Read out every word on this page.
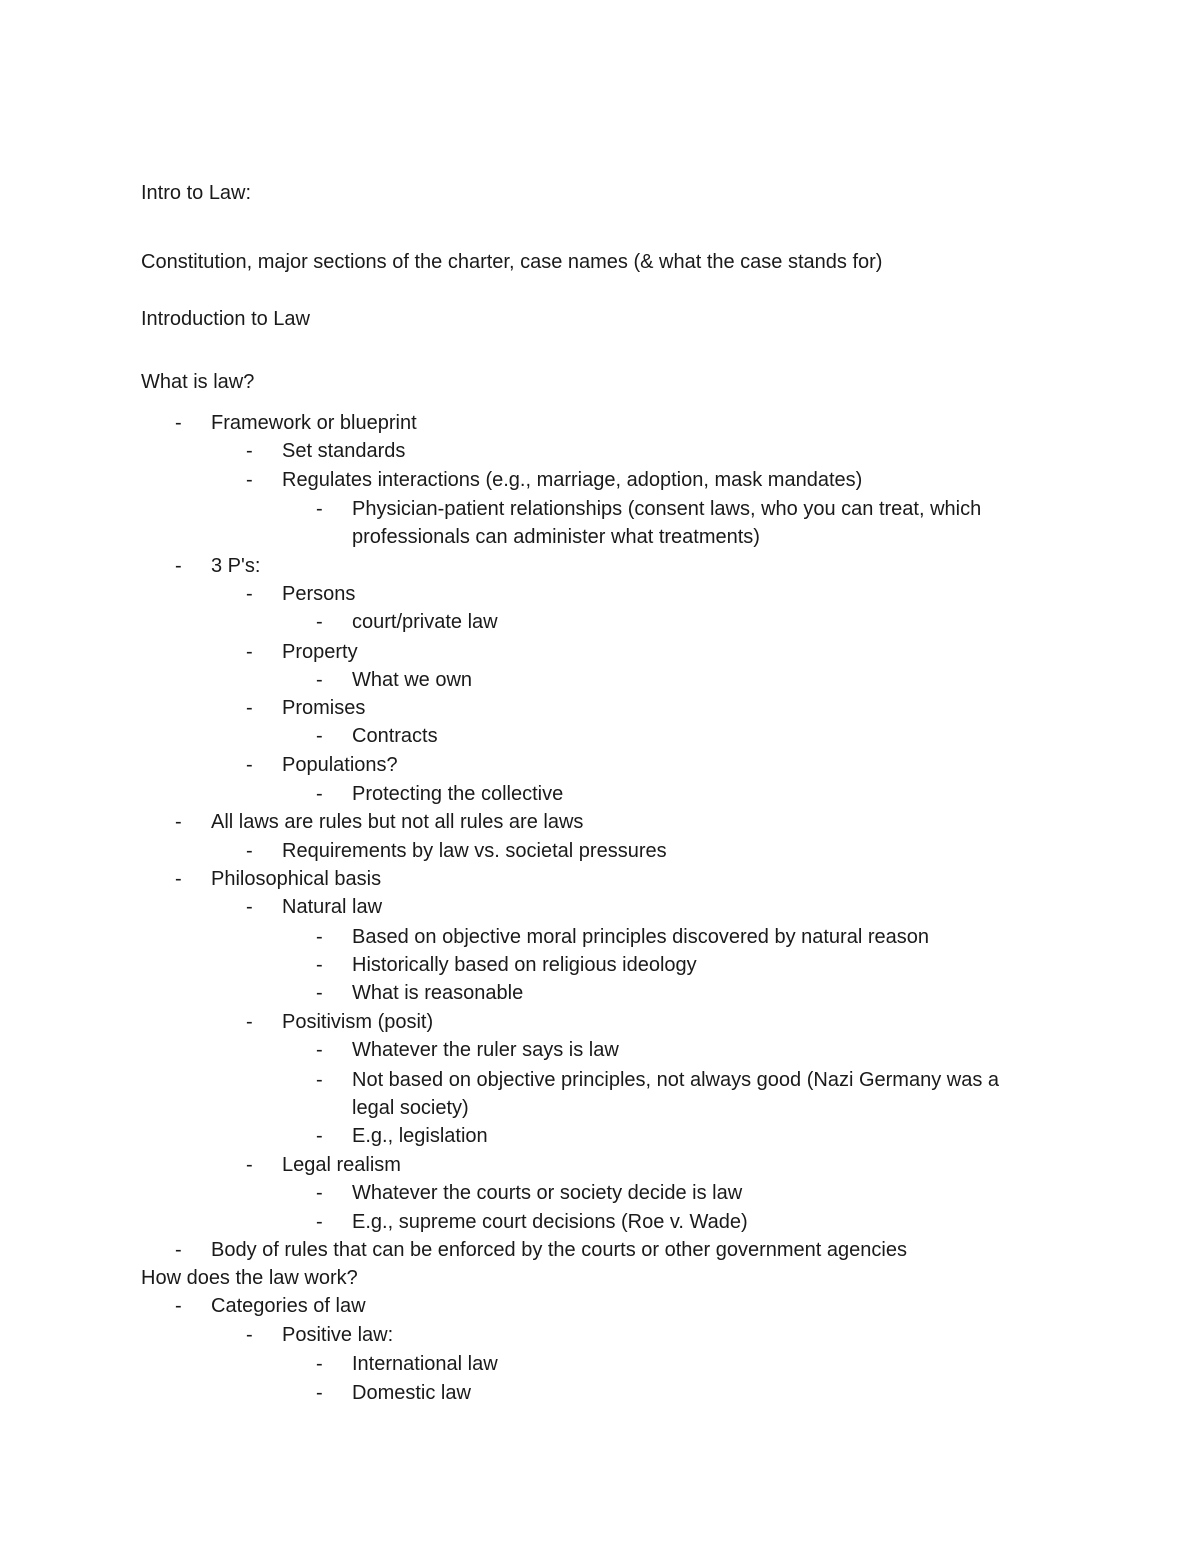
Intro to Law:
Constitution, major sections of the charter, case names (& what the case stands for)
Introduction to Law
What is law?
- Framework or blueprint
- Set standards
- Regulates interactions (e.g., marriage, adoption, mask mandates)
- Physician-patient relationships (consent laws, who you can treat, which
professionals can administer what treatments)
- 3 P's:
- Persons
- court/private law
- Property
- What we own
- Promises
- Contracts
- Populations?
- Protecting the collective
- All laws are rules but not all rules are laws
- Requirements by law vs. societal pressures
- Philosophical basis
- Natural law
- Based on objective moral principles discovered by natural reason
- Historically based on religious ideology
- What is reasonable
- Positivism (posit)
- Whatever the ruler says is law
- Not based on objective principles, not always good (Nazi Germany was a
legal society)
- E.g., legislation
- Legal realism
- Whatever the courts or society decide is law
- E.g., supreme court decisions (Roe v. Wade)
- Body of rules that can be enforced by the courts or other government agencies
How does the law work?
- Categories of law
- Positive law:
- International law
- Domestic law
